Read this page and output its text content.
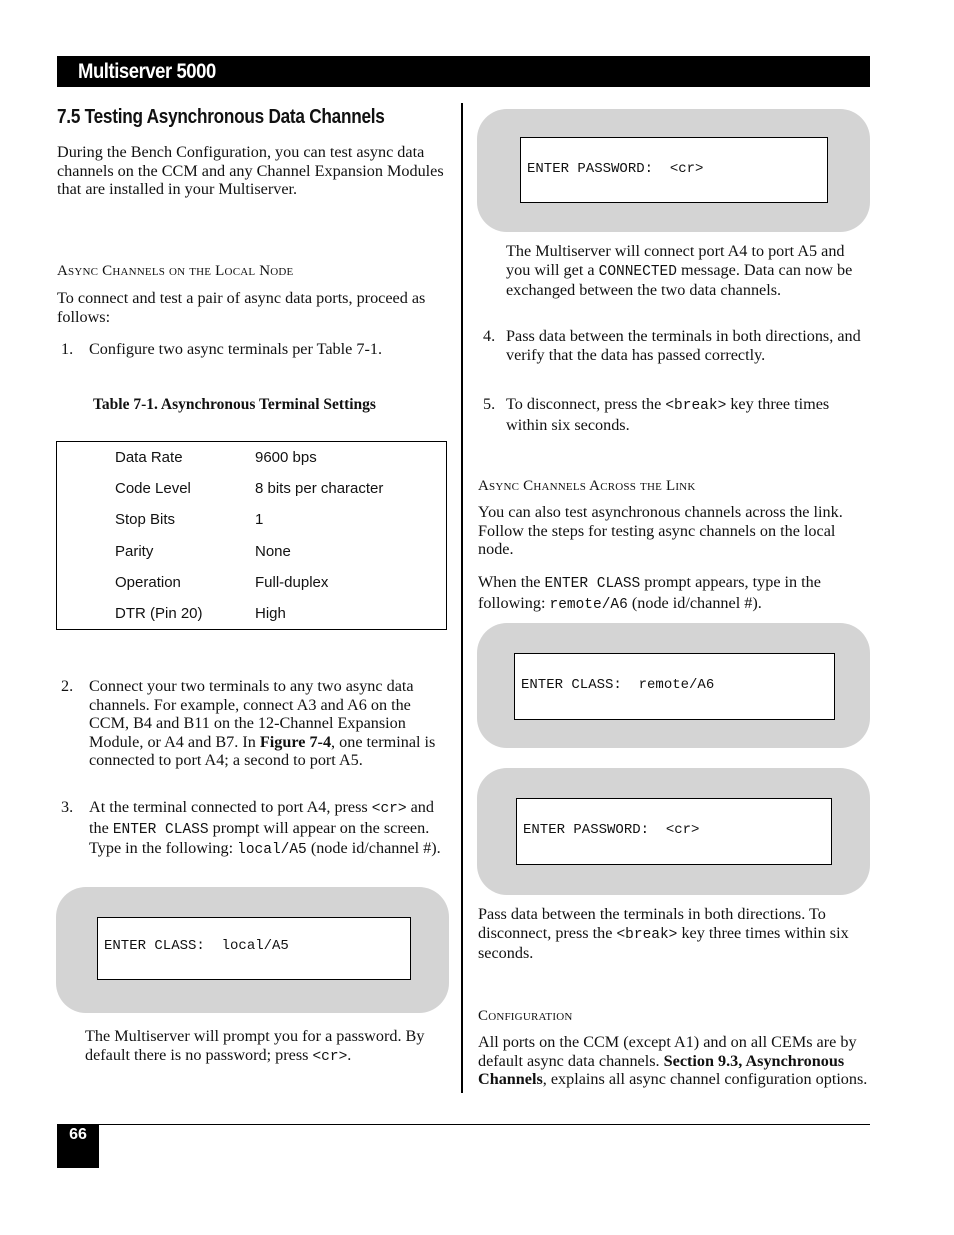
Multiserver 5000
7.5 Testing Asynchronous Data Channels
During the Bench Configuration, you can test async data channels on the CCM and any Channel Expansion Modules that are installed in your Multiserver.
Async Channels on the Local Node
To connect and test a pair of async data ports, proceed as follows:
1. Configure two async terminals per Table 7-1.
Table 7-1. Asynchronous Terminal Settings
Data Rate	9600 bps
Code Level	8 bits per character
Stop Bits	1
Parity	None
Operation	Full-duplex
DTR (Pin 20)	High
2. Connect your two terminals to any two async data channels. For example, connect A3 and A6 on the CCM, B4 and B11 on the 12-Channel Expansion Module, or A4 and B7. In Figure 7-4, one terminal is connected to port A4; a second to port A5.
3. At the terminal connected to port A4, press <cr> and the ENTER CLASS prompt will appear on the screen. Type in the following: local/A5 (node id/channel #).
ENTER CLASS:  local/A5
The Multiserver will prompt you for a password. By default there is no password; press <cr>.
ENTER PASSWORD:  <cr>
The Multiserver will connect port A4 to port A5 and you will get a CONNECTED message. Data can now be exchanged between the two data channels.
4. Pass data between the terminals in both directions, and verify that the data has passed correctly.
5. To disconnect, press the <break> key three times within six seconds.
Async Channels Across the Link
You can also test asynchronous channels across the link. Follow the steps for testing async channels on the local node.
When the ENTER CLASS prompt appears, type in the following: remote/A6 (node id/channel #).
ENTER CLASS:  remote/A6
ENTER PASSWORD:  <cr>
Pass data between the terminals in both directions. To disconnect, press the <break> key three times within six seconds.
Configuration
All ports on the CCM (except A1) and on all CEMs are by default async data channels. Section 9.3, Asynchronous Channels, explains all async channel configuration options.
66
